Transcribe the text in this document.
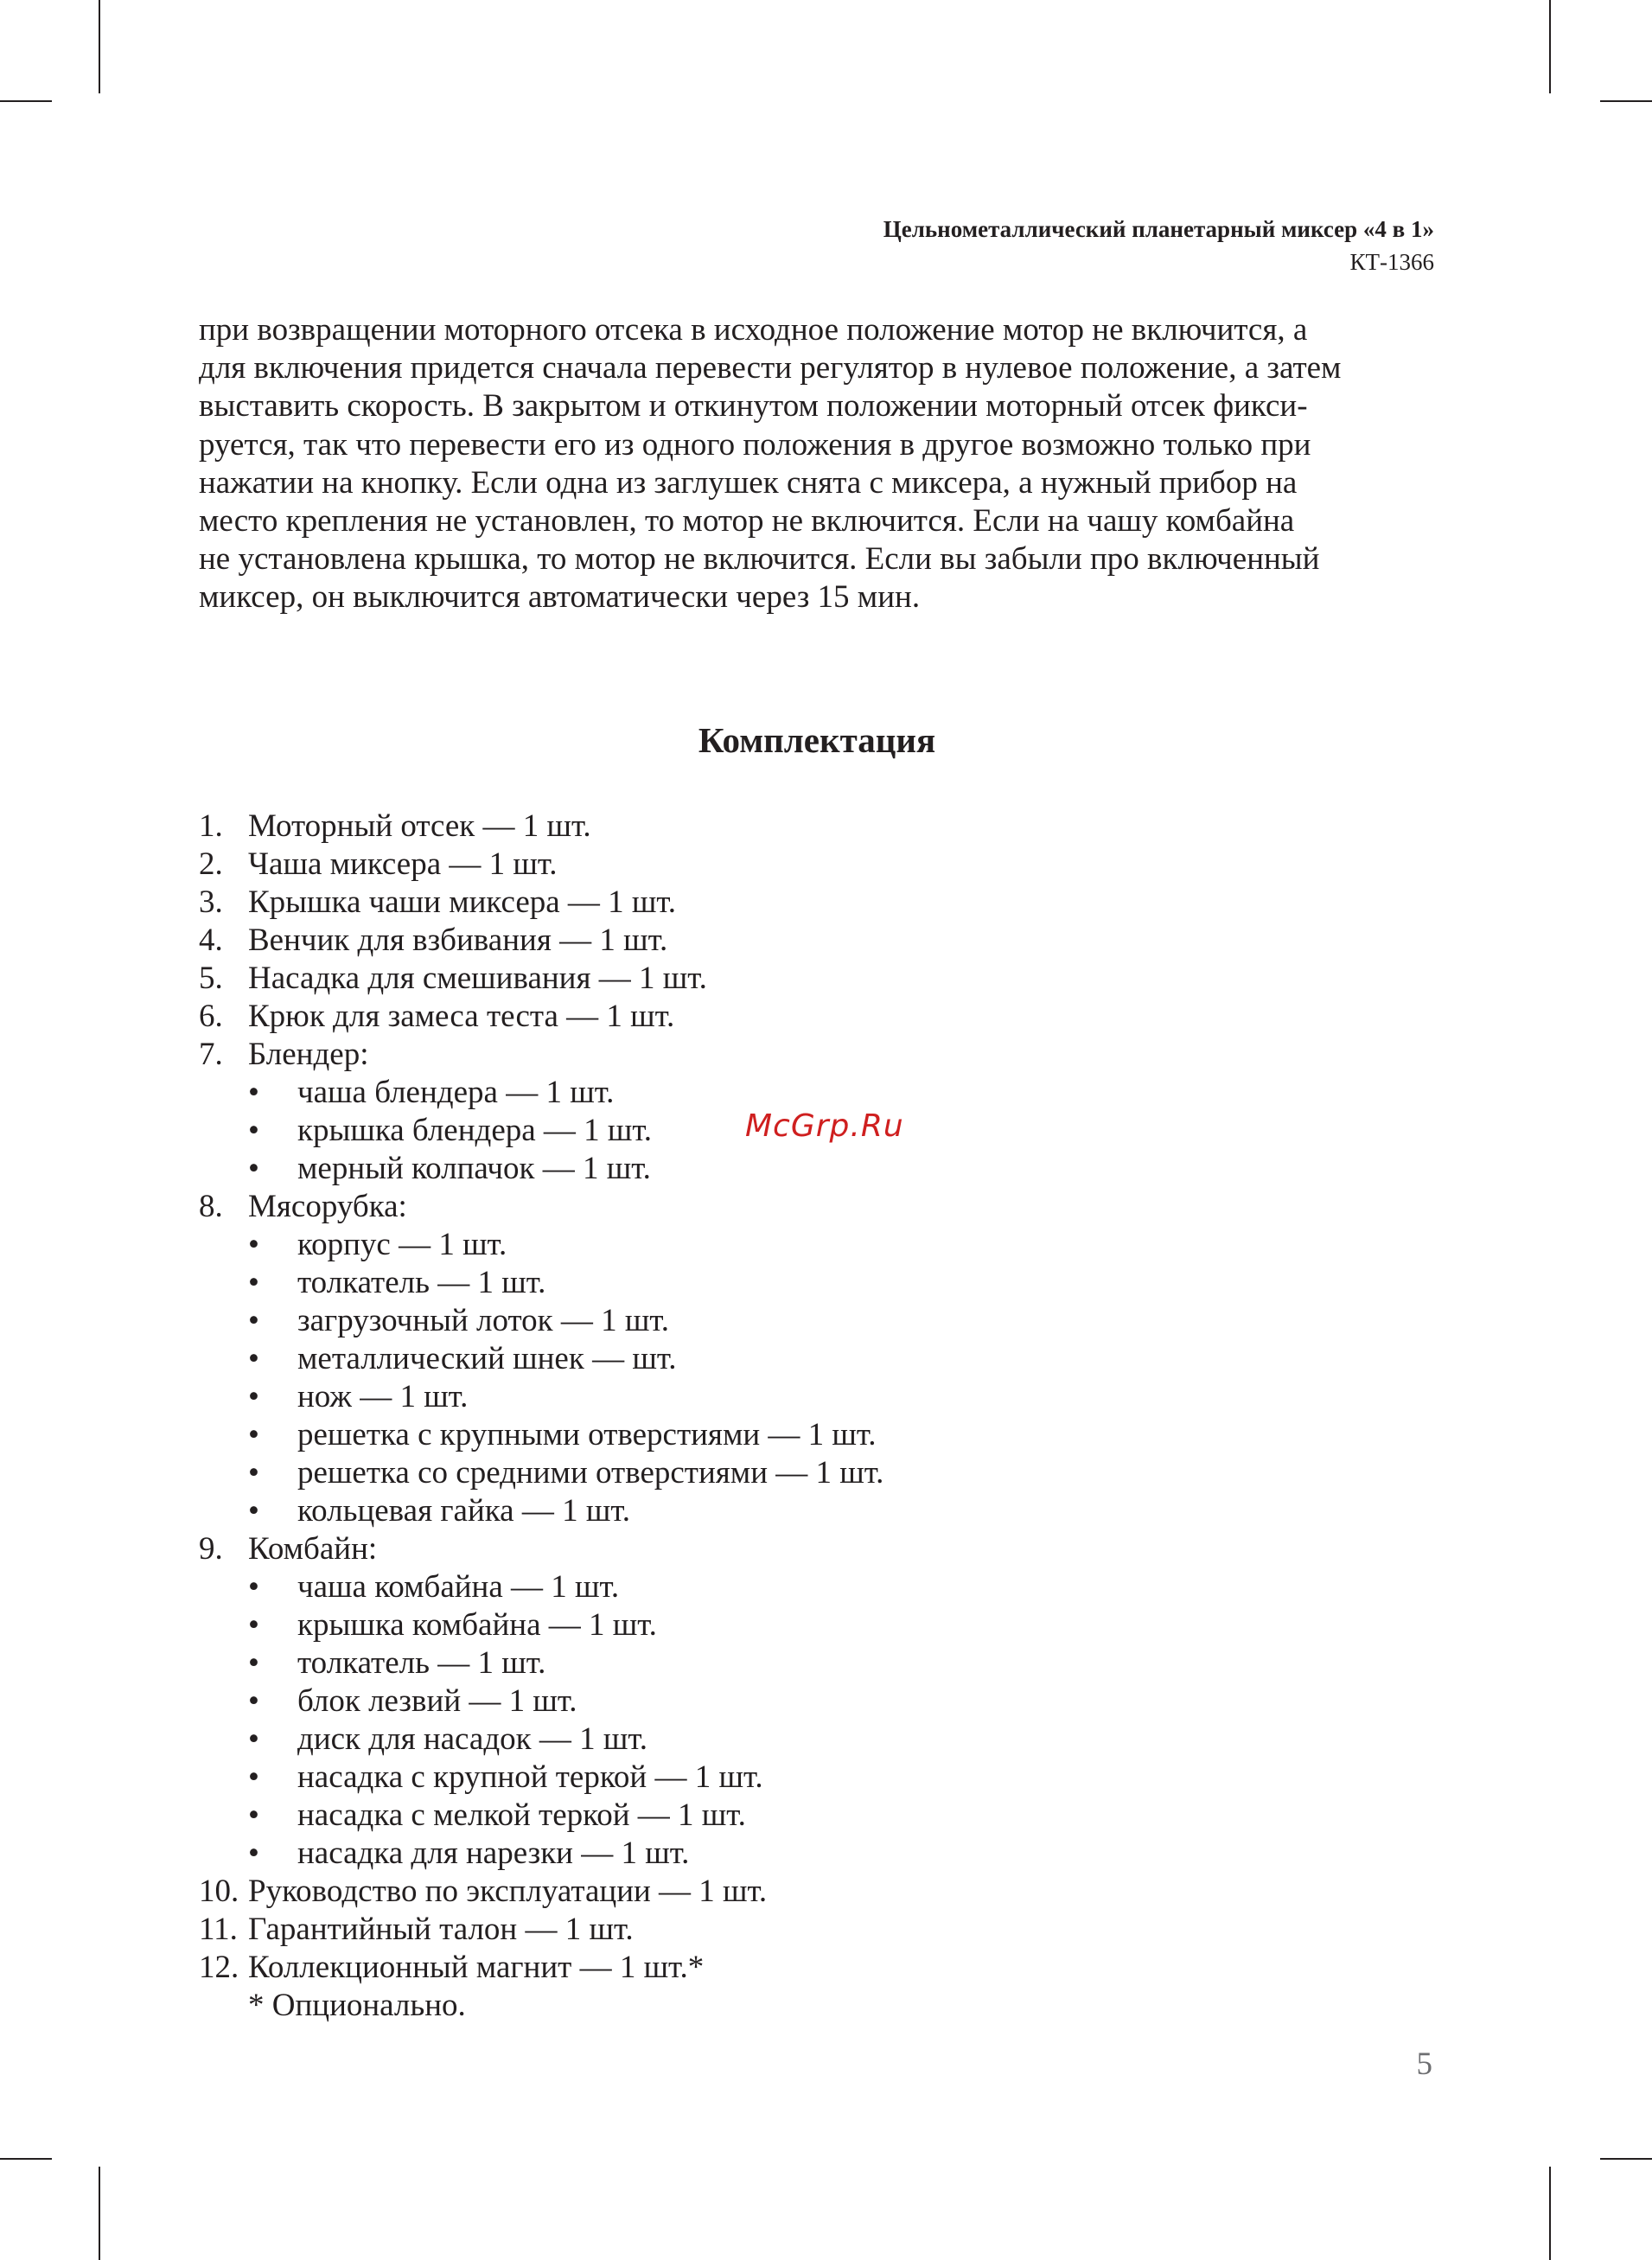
Цельнометаллический планетарный миксер «4 в 1»
КТ-1366

при возвращении моторного отсека в исходное положение мотор не включится, а
для включения придется сначала перевести регулятор в нулевое положение, а затем
выставить скорость. В закрытом и откинутом положении моторный отсек фикси-
руется, так что перевести его из одного положения в другое возможно только при
нажатии на кнопку. Если одна из заглушек снята с миксера, а нужный прибор на
место крепления не установлен, то мотор не включится. Если на чашу комбайна
не установлена крышка, то мотор не включится. Если вы забыли про включенный
миксер, он выключится автоматически через 15 мин.

Комплектация
1. Моторный отсек — 1 шт.
2. Чаша миксера — 1 шт.
3. Крышка чаши миксера — 1 шт.
4. Венчик для взбивания — 1 шт.
5. Насадка для смешивания — 1 шт.
6. Крюк для замеса теста — 1 шт.
7. Блендер:
•	чаша блендера — 1 шт.
•	крышка блендера — 1 шт.
•	мерный колпачок — 1 шт.
8. Мясорубка:
•	корпус — 1 шт.
•	толкатель — 1 шт.
•	загрузочный лоток — 1 шт.
•	металлический шнек — шт.
•	нож — 1 шт.
•	решетка с крупными отверстиями — 1 шт.
•	решетка со средними отверстиями — 1 шт.
•	кольцевая гайка — 1 шт.
9. Комбайн:
•	чаша комбайна — 1 шт.
•	крышка комбайна — 1 шт.
•	толкатель — 1 шт.
•	блок лезвий — 1 шт.
•	диск для насадок — 1 шт.
•	насадка с крупной теркой — 1 шт.
•	насадка с мелкой теркой — 1 шт.
•	насадка для нарезки — 1 шт.
10. Руководство по эксплуатации — 1 шт.
11. Гарантийный талон — 1 шт.
12. Коллекционный магнит — 1 шт.*
* Опционально.
McGrp.Ru
5
